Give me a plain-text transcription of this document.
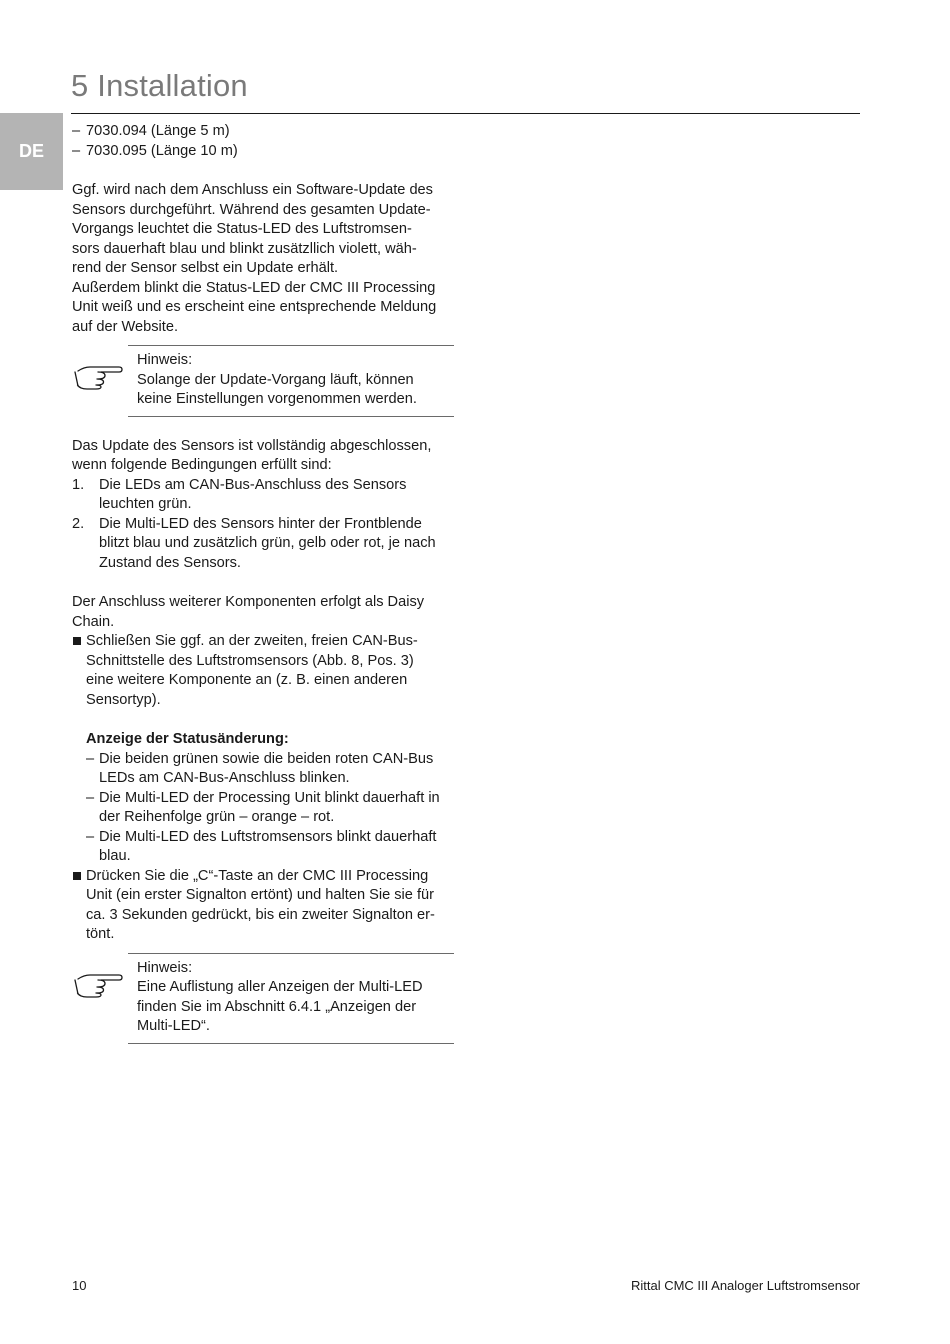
DE
5 Installation
– 7030.094 (Länge 5 m)
– 7030.095 (Länge 10 m)

Ggf. wird nach dem Anschluss ein Software-Update des
Sensors durchgeführt. Während des gesamten Update-
Vorgangs leuchtet die Status-LED des Luftstromsen-
sors dauerhaft blau und blinkt zusätzllich violett, wäh-
rend der Sensor selbst ein Update erhält.
Außerdem blinkt die Status-LED der CMC III Processing
Unit weiß und es erscheint eine entsprechende Meldung
auf der Website.

Hinweis:
Solange der Update-Vorgang läuft, können
keine Einstellungen vorgenommen werden.

Das Update des Sensors ist vollständig abgeschlossen,
wenn folgende Bedingungen erfüllt sind:

1. Die LEDs am CAN-Bus-Anschluss des Sensors
leuchten grün.
2. Die Multi-LED des Sensors hinter der Frontblende
blitzt blau und zusätzlich grün, gelb oder rot, je nach
Zustand des Sensors.

Der Anschluss weiterer Komponenten erfolgt als Daisy
Chain.

Schließen Sie ggf. an der zweiten, freien CAN-Bus-
Schnittstelle des Luftstromsensors (Abb. 8, Pos. 3)
eine weitere Komponente an (z. B. einen anderen
Sensortyp).
Anzeige der Statusänderung:
– Die beiden grünen sowie die beiden roten CAN-Bus
LEDs am CAN-Bus-Anschluss blinken.
– Die Multi-LED der Processing Unit blinkt dauerhaft in
der Reihenfolge grün – orange – rot.
– Die Multi-LED des Luftstromsensors blinkt dauerhaft
blau.
Drücken Sie die „C“-Taste an der CMC III Processing
Unit (ein erster Signalton ertönt) und halten Sie sie für
ca. 3 Sekunden gedrückt, bis ein zweiter Signalton er-
tönt.
Hinweis:
Eine Auflistung aller Anzeigen der Multi-LED
finden Sie im Abschnitt 6.4.1 „Anzeigen der
Multi-LED“.
10	Rittal CMC III Analoger Luftstromsensor
